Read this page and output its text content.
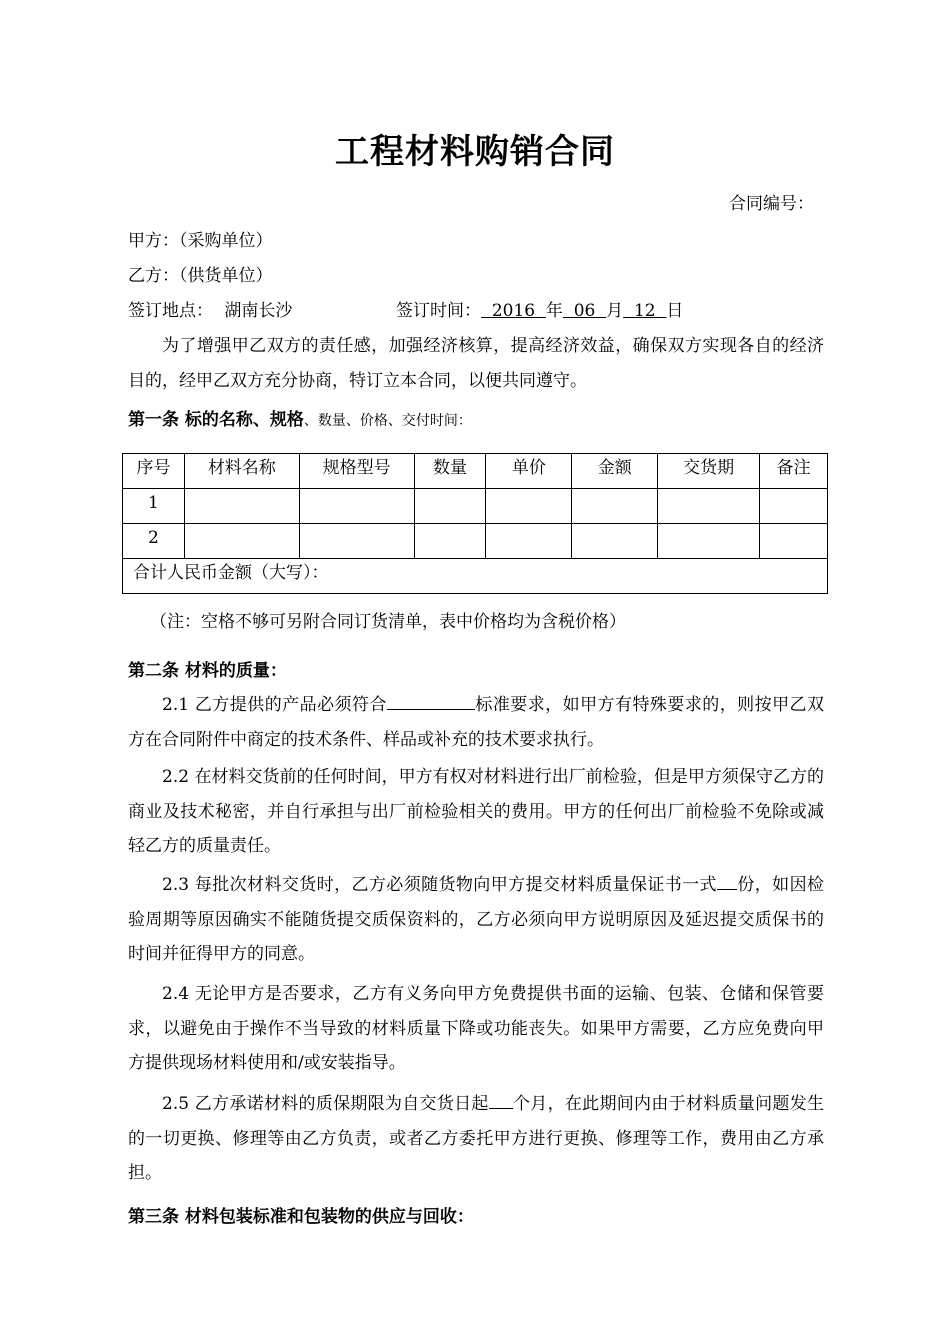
工程材料购销合同
合同编号：
甲方：（采购单位）
乙方：（供货单位）
签订地点： 湖南长沙	签订时间： 2016 年 06 月 12 日

为了增强甲乙双方的责任感，加强经济核算，提高经济效益，确保双方实现各自的经济目的，经甲乙双方充分协商，特订立本合同，以便共同遵守。

第一条 标的名称、规格、数量、价格、交付时间：
序号	材料名称	规格型号	数量	单价	金额	交货期	备注
1							
2							
合计人民币金额（大写）：							
（注：空格不够可另附合同订货清单，表中价格均为含税价格）
第二条 材料的质量：

2.1 乙方提供的产品必须符合	标准要求，如甲方有特殊要求的，则按甲乙双方在合同附件中商定的技术条件、样品或补充的技术要求执行。

2.2 在材料交货前的任何时间，甲方有权对材料进行出厂前检验，但是甲方须保守乙方的商业及技术秘密，并自行承担与出厂前检验相关的费用。甲方的任何出厂前检验不免除或减轻乙方的质量责任。

2.3 每批次材料交货时，乙方必须随货物向甲方提交材料质量保证书一式 份，如因检验周期等原因确实不能随货提交质保资料的，乙方必须向甲方说明原因及延迟提交质保书的时间并征得甲方的同意。

2.4 无论甲方是否要求，乙方有义务向甲方免费提供书面的运输、包装、仓储和保管要求，以避免由于操作不当导致的材料质量下降或功能丧失。如果甲方需要，乙方应免费向甲方提供现场材料使用和/或安装指导。

2.5 乙方承诺材料的质保期限为自交货日起 个月，在此期间内由于材料质量问题发生的一切更换、修理等由乙方负责，或者乙方委托甲方进行更换、修理等工作，费用由乙方承担。

第三条 材料包装标准和包装物的供应与回收：
